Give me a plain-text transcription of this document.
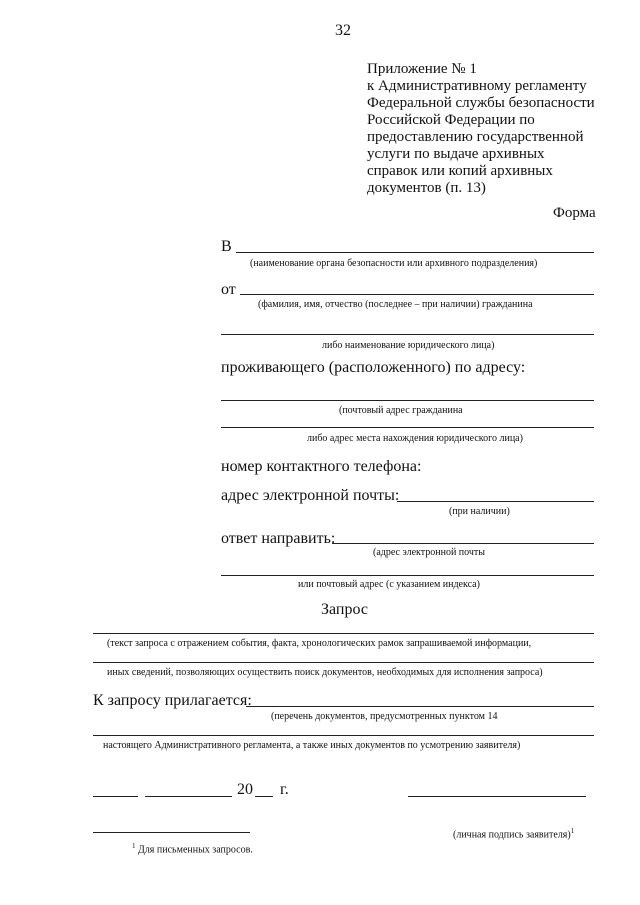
32
Приложение № 1
к Административному регламенту
Федеральной службы безопасности
Российской Федерации по
предоставлению государственной
услуги по выдаче архивных
справок или копий архивных
документов (п. 13)
Форма
В
(наименование органа безопасности или архивного подразделения)
от
(фамилия, имя, отчество (последнее – при наличии) гражданина
либо наименование юридического лица)
проживающего (расположенного) по адресу:
(почтовый адрес гражданина
либо адрес места нахождения юридического лица)
номер контактного телефона:
адрес электронной почты:
(при наличии)
ответ направить:
(адрес электронной почты
или почтовый адрес (с указанием индекса)
Запрос
(текст запроса с отражением события, факта, хронологических рамок запрашиваемой информации,
иных сведений, позволяющих осуществить поиск документов, необходимых для исполнения запроса)
К запросу прилагается:
(перечень документов, предусмотренных пунктом 14
настоящего Административного регламента, а также иных документов по усмотрению заявителя)
20 г.
(личная подпись заявителя)$^1$
$^1$ Для письменных запросов.
